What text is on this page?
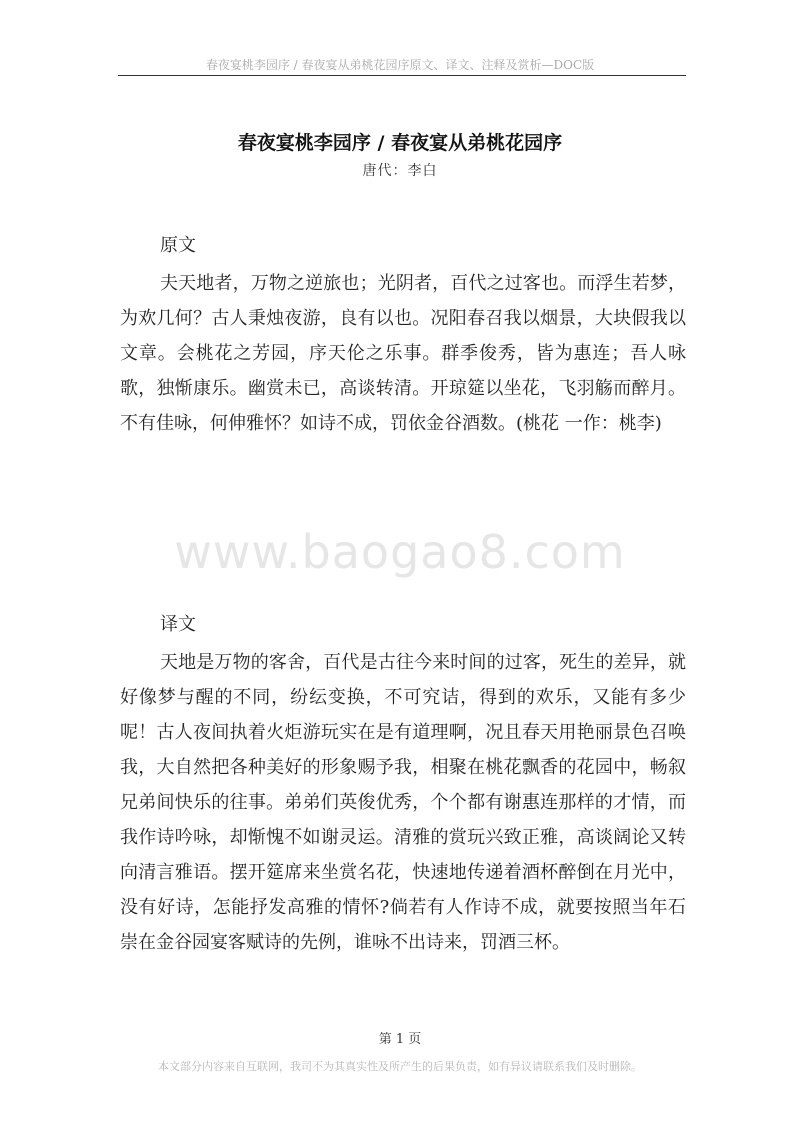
春夜宴桃李园序 / 春夜宴从弟桃花园序原文、译文、注释及赏析—DOC版
春夜宴桃李园序 / 春夜宴从弟桃花园序
唐代：李白
原文
夫天地者，万物之逆旅也；光阴者，百代之过客也。而浮生若梦，为欢几何？古人秉烛夜游，良有以也。况阳春召我以烟景，大块假我以文章。会桃花之芳园，序天伦之乐事。群季俊秀，皆为惠连；吾人咏歌，独惭康乐。幽赏未已，高谈转清。开琼筵以坐花，飞羽觞而醉月。不有佳咏，何伸雅怀？如诗不成，罚依金谷酒数。(桃花 一作：桃李)
www.baogao8.com
译文
天地是万物的客舍，百代是古往今来时间的过客，死生的差异，就好像梦与醒的不同，纷纭变换，不可究诘，得到的欢乐，又能有多少呢！古人夜间执着火炬游玩实在是有道理啊，况且春天用艳丽景色召唤我，大自然把各种美好的形象赐予我，相聚在桃花飘香的花园中，畅叙兄弟间快乐的往事。弟弟们英俊优秀，个个都有谢惠连那样的才情，而我作诗吟咏，却惭愧不如谢灵运。清雅的赏玩兴致正雅，高谈阔论又转向清言雅语。摆开筵席来坐赏名花，快速地传递着酒杯醉倒在月光中，没有好诗，怎能抒发高雅的情怀?倘若有人作诗不成，就要按照当年石崇在金谷园宴客赋诗的先例，谁咏不出诗来，罚酒三杯。
第 1 页
本文部分内容来自互联网，我司不为其真实性及所产生的后果负责，如有异议请联系我们及时删除。
